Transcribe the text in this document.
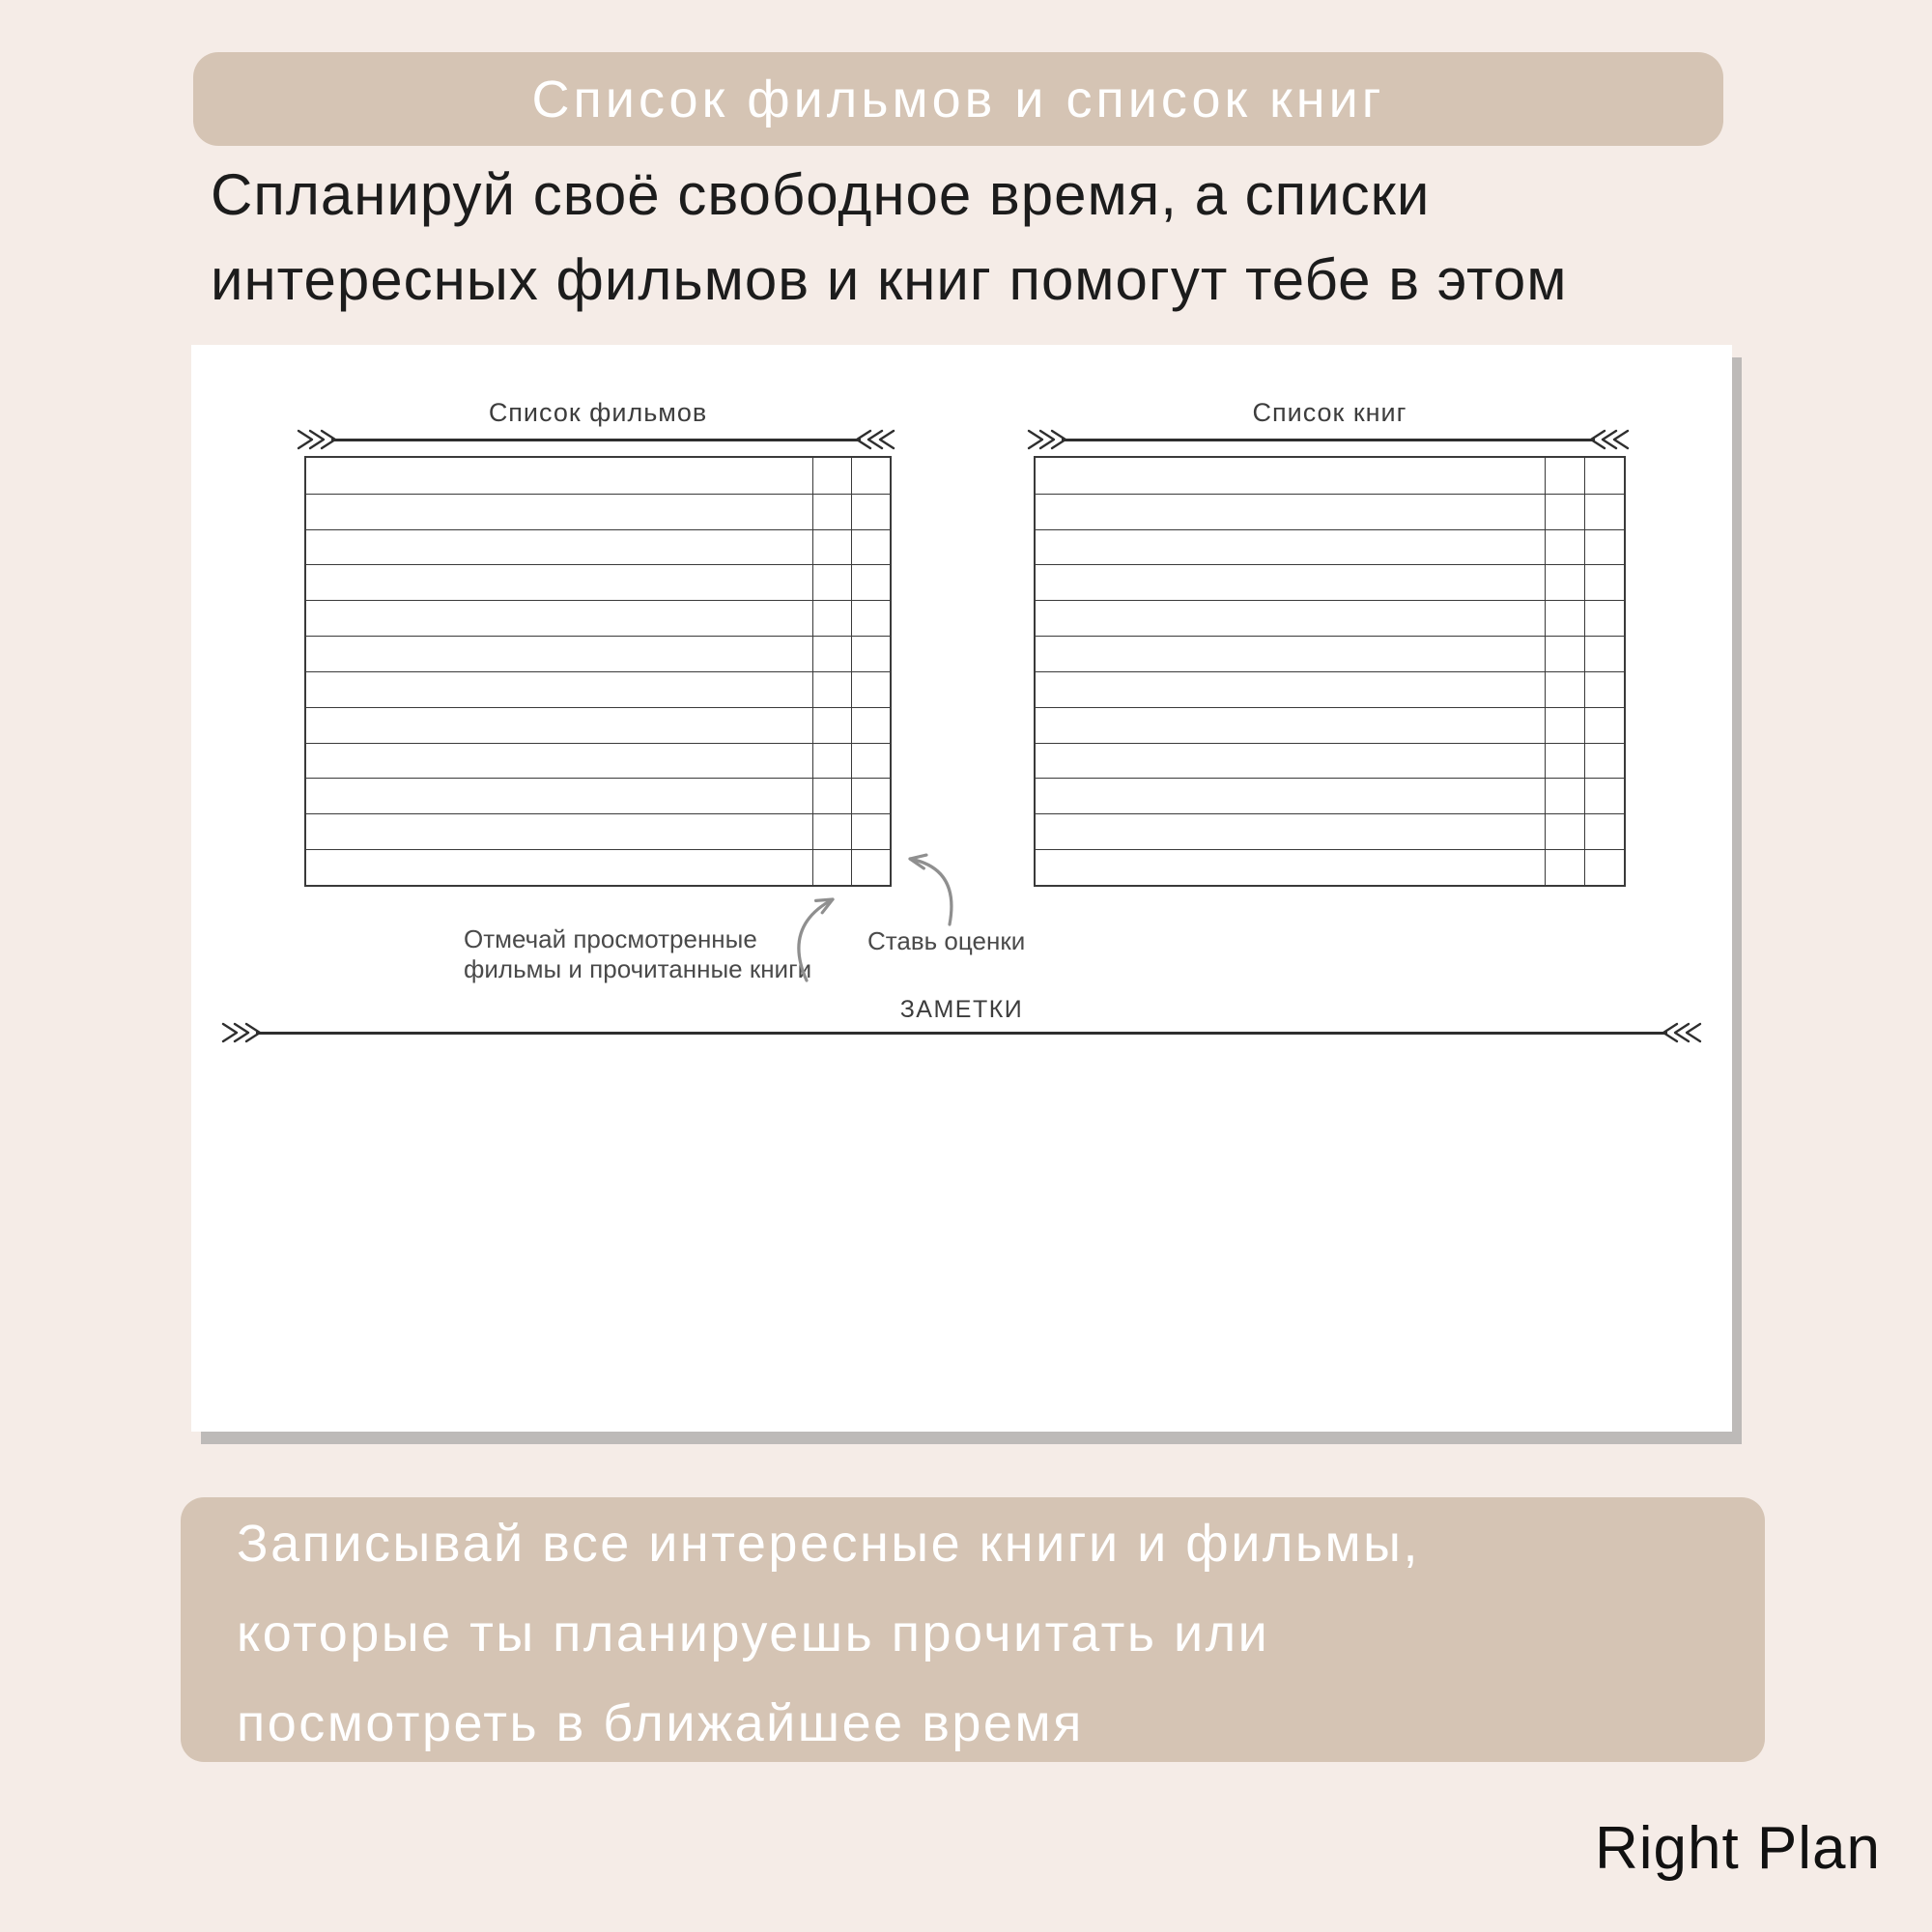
Список фильмов и список книг
Спланируй своё свободное время, а списки
интересных фильмов и книг помогут тебе в этом
Список фильмов	Список книг
Отмечай просмотренные
фильмы и прочитанные книги
Ставь оценки
ЗАМЕТКИ
Записывай все интересные книги и фильмы,
которые ты планируешь прочитать или
посмотреть в ближайшее время
Right Plan
